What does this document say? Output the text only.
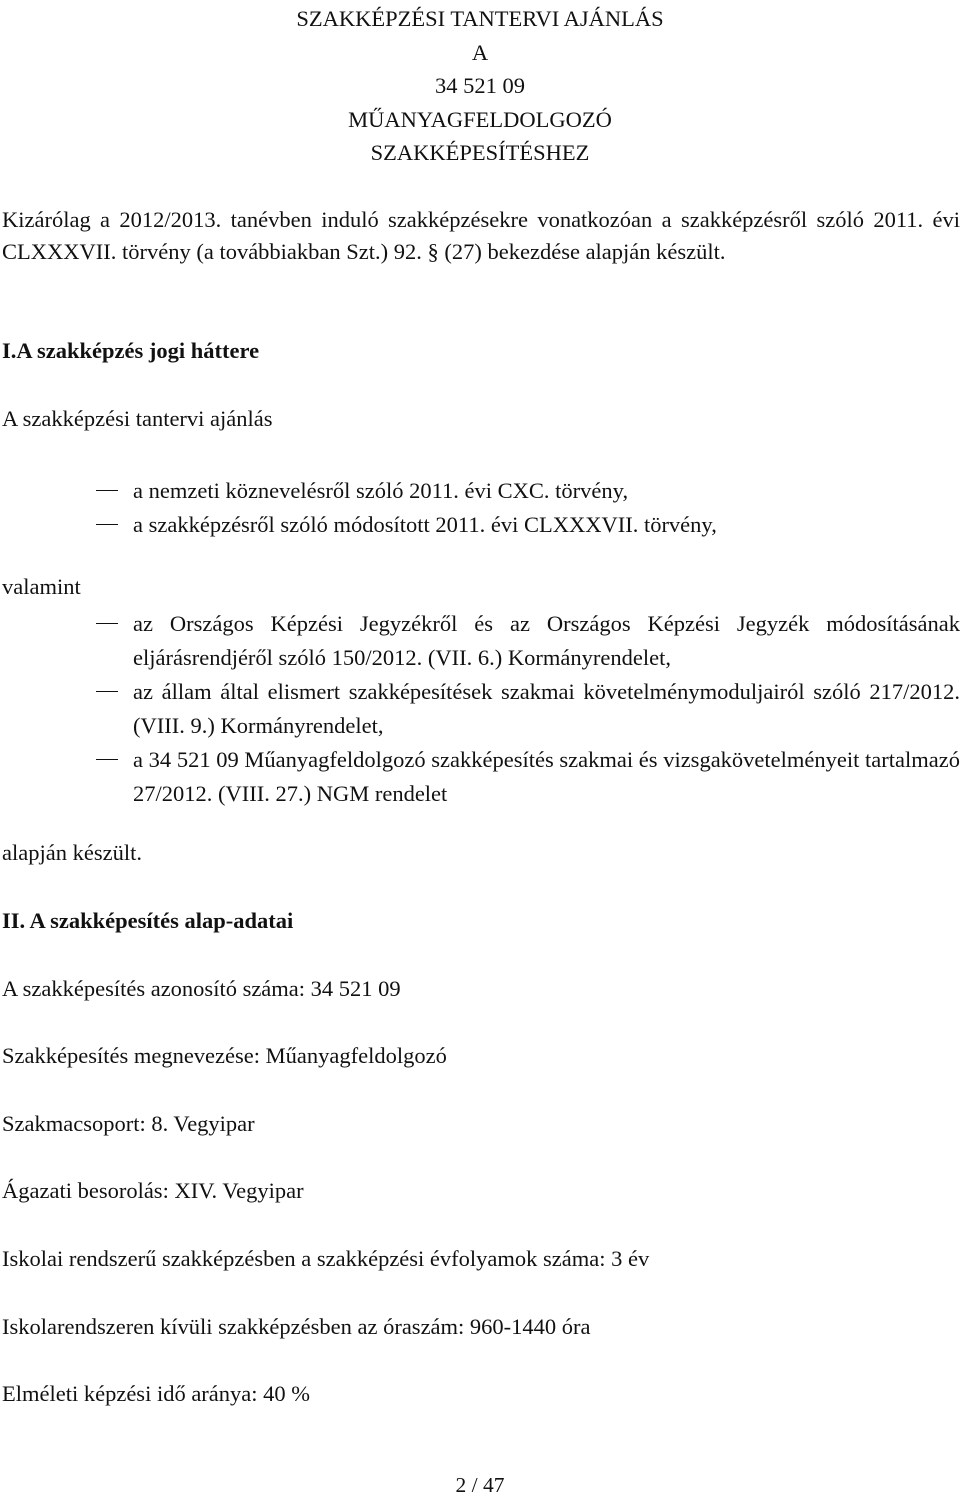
SZAKKÉPZÉSI TANTERVI AJÁNLÁS
A
34 521 09
MŰANYAGFELDOLGOZÓ
SZAKKÉPESÍTÉSHEZ

Kizárólag a 2012/2013. tanévben induló szakképzésekre vonatkozóan a szakképzésről szóló 2011. évi CLXXXVII. törvény (a továbbiakban Szt.) 92. § (27) bekezdése alapján készült.

I.A szakképzés jogi háttere

A szakképzési tantervi ajánlás

a nemzeti köznevelésről szóló 2011. évi CXC. törvény,
a szakképzésről szóló módosított 2011. évi CLXXXVII. törvény,

valamint

az Országos Képzési Jegyzékről és az Országos Képzési Jegyzék módosításának eljárásrendjéről szóló 150/2012. (VII. 6.) Kormányrendelet,
az állam által elismert szakképesítések szakmai követelménymoduljairól szóló 217/2012. (VIII. 9.) Kormányrendelet,
a 34 521 09 Műanyagfeldolgozó szakképesítés szakmai és vizsgakövetelményeit tartalmazó 27/2012. (VIII. 27.) NGM rendelet

alapján készült.

II. A szakképesítés alap-adatai

A szakképesítés azonosító száma: 34 521 09

Szakképesítés megnevezése: Műanyagfeldolgozó

Szakmacsoport: 8. Vegyipar

Ágazati besorolás: XIV. Vegyipar

Iskolai rendszerű szakképzésben a szakképzési évfolyamok száma: 3 év

Iskolarendszeren kívüli szakképzésben az óraszám: 960-1440 óra

Elméleti képzési idő aránya: 40 %

2 / 47
